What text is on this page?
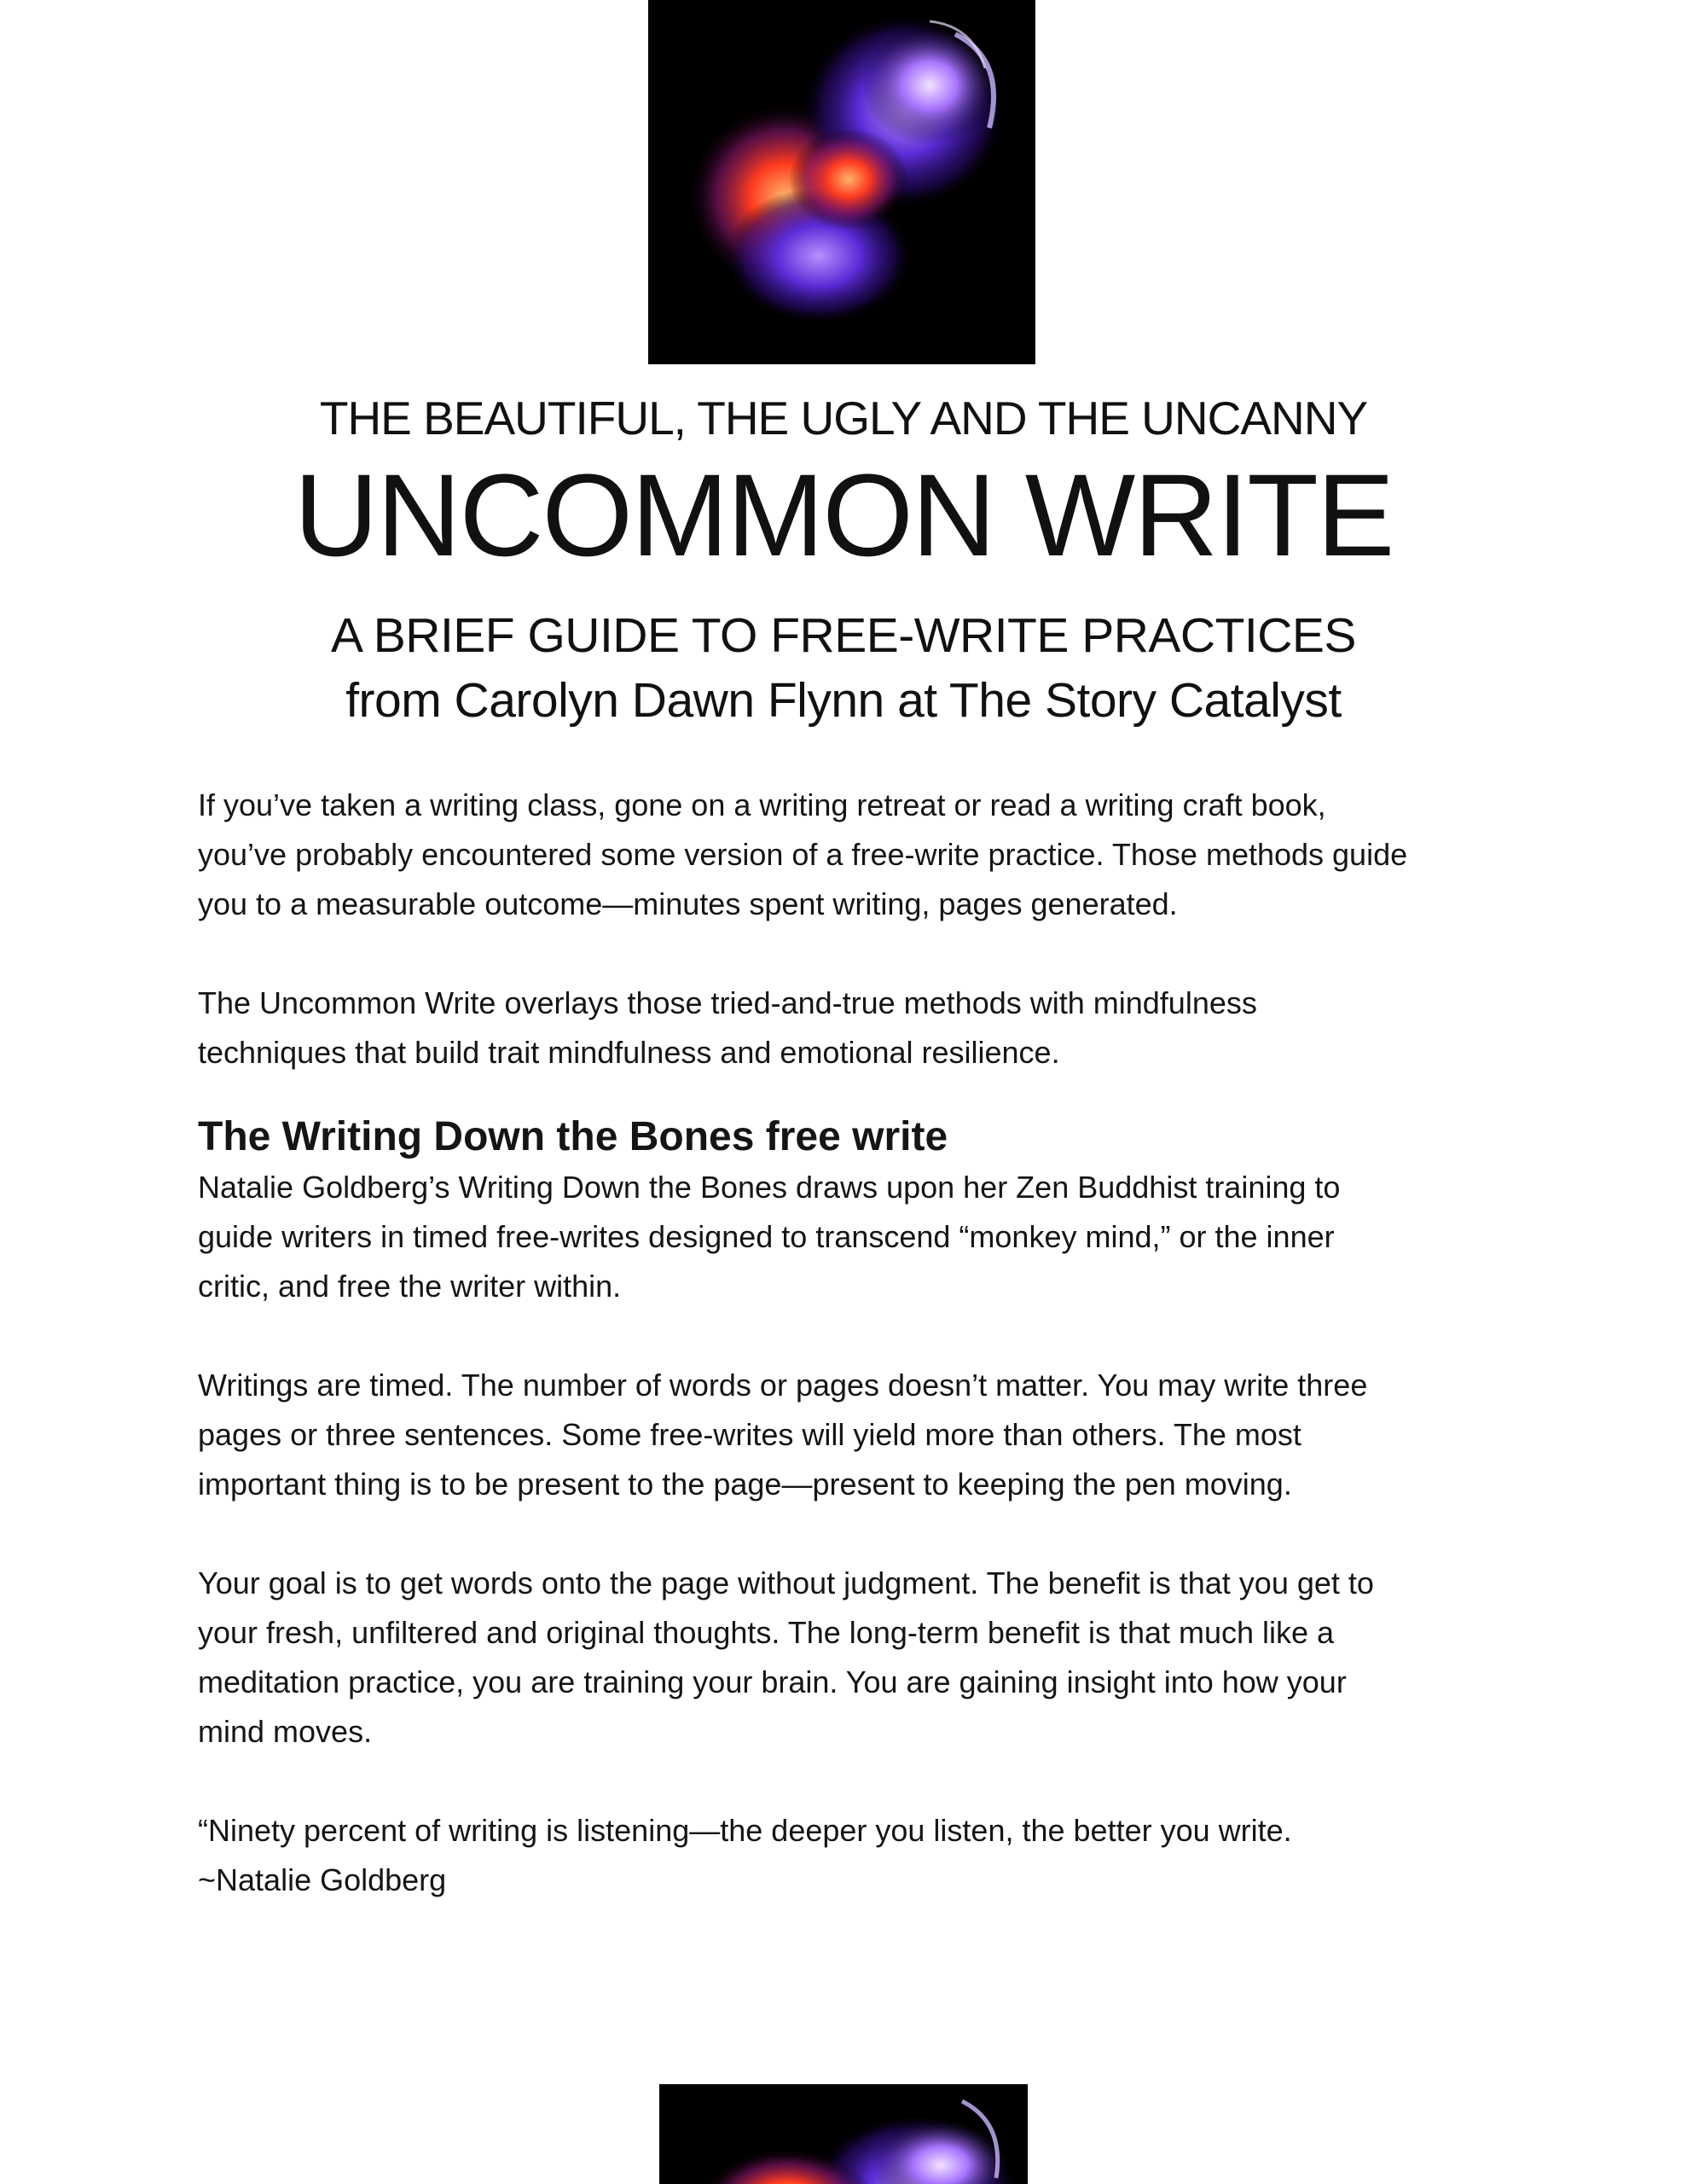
THE BEAUTIFUL, THE UGLY AND THE UNCANNY
UNCOMMON WRITE
A BRIEF GUIDE TO FREE-WRITE PRACTICES
from Carolyn Dawn Flynn at The Story Catalyst

If you’ve taken a writing class, gone on a writing retreat or read a writing craft book, you’ve probably encountered some version of a free-write practice. Those methods guide you to a measurable outcome—minutes spent writing, pages generated.

The Uncommon Write overlays those tried-and-true methods with mindfulness techniques that build trait mindfulness and emotional resilience.

The Writing Down the Bones free write

Natalie Goldberg’s Writing Down the Bones draws upon her Zen Buddhist training to guide writers in timed free-writes designed to transcend “monkey mind,” or the inner critic, and free the writer within.

Writings are timed. The number of words or pages doesn’t matter. You may write three pages or three sentences. Some free-writes will yield more than others. The most important thing is to be present to the page—present to keeping the pen moving.

Your goal is to get words onto the page without judgment. The benefit is that you get to your fresh, unfiltered and original thoughts. The long-term benefit is that much like a meditation practice, you are training your brain. You are gaining insight into how your mind moves.

“Ninety percent of writing is listening—the deeper you listen, the better you write.

~Natalie Goldberg
